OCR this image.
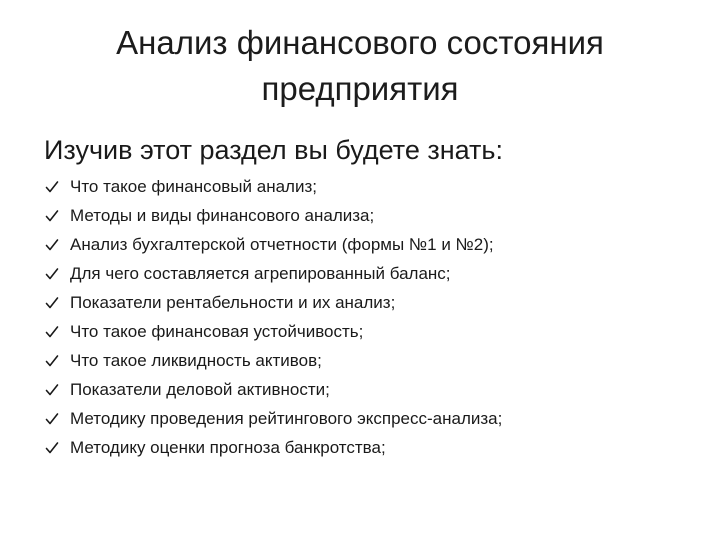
Анализ финансового состояния
предприятия

Изучив этот раздел вы будете знать:

Что такое финансовый анализ;
Методы и виды финансового анализа;
Анализ бухгалтерской отчетности (формы №1 и №2);
Для чего составляется агрепированный баланс;
Показатели рентабельности и их анализ;
Что такое финансовая устойчивость;
Что такое ликвидность активов;
Показатели деловой активности;
Методику проведения рейтингового экспресс-анализа;
Методику оценки прогноза банкротства;
